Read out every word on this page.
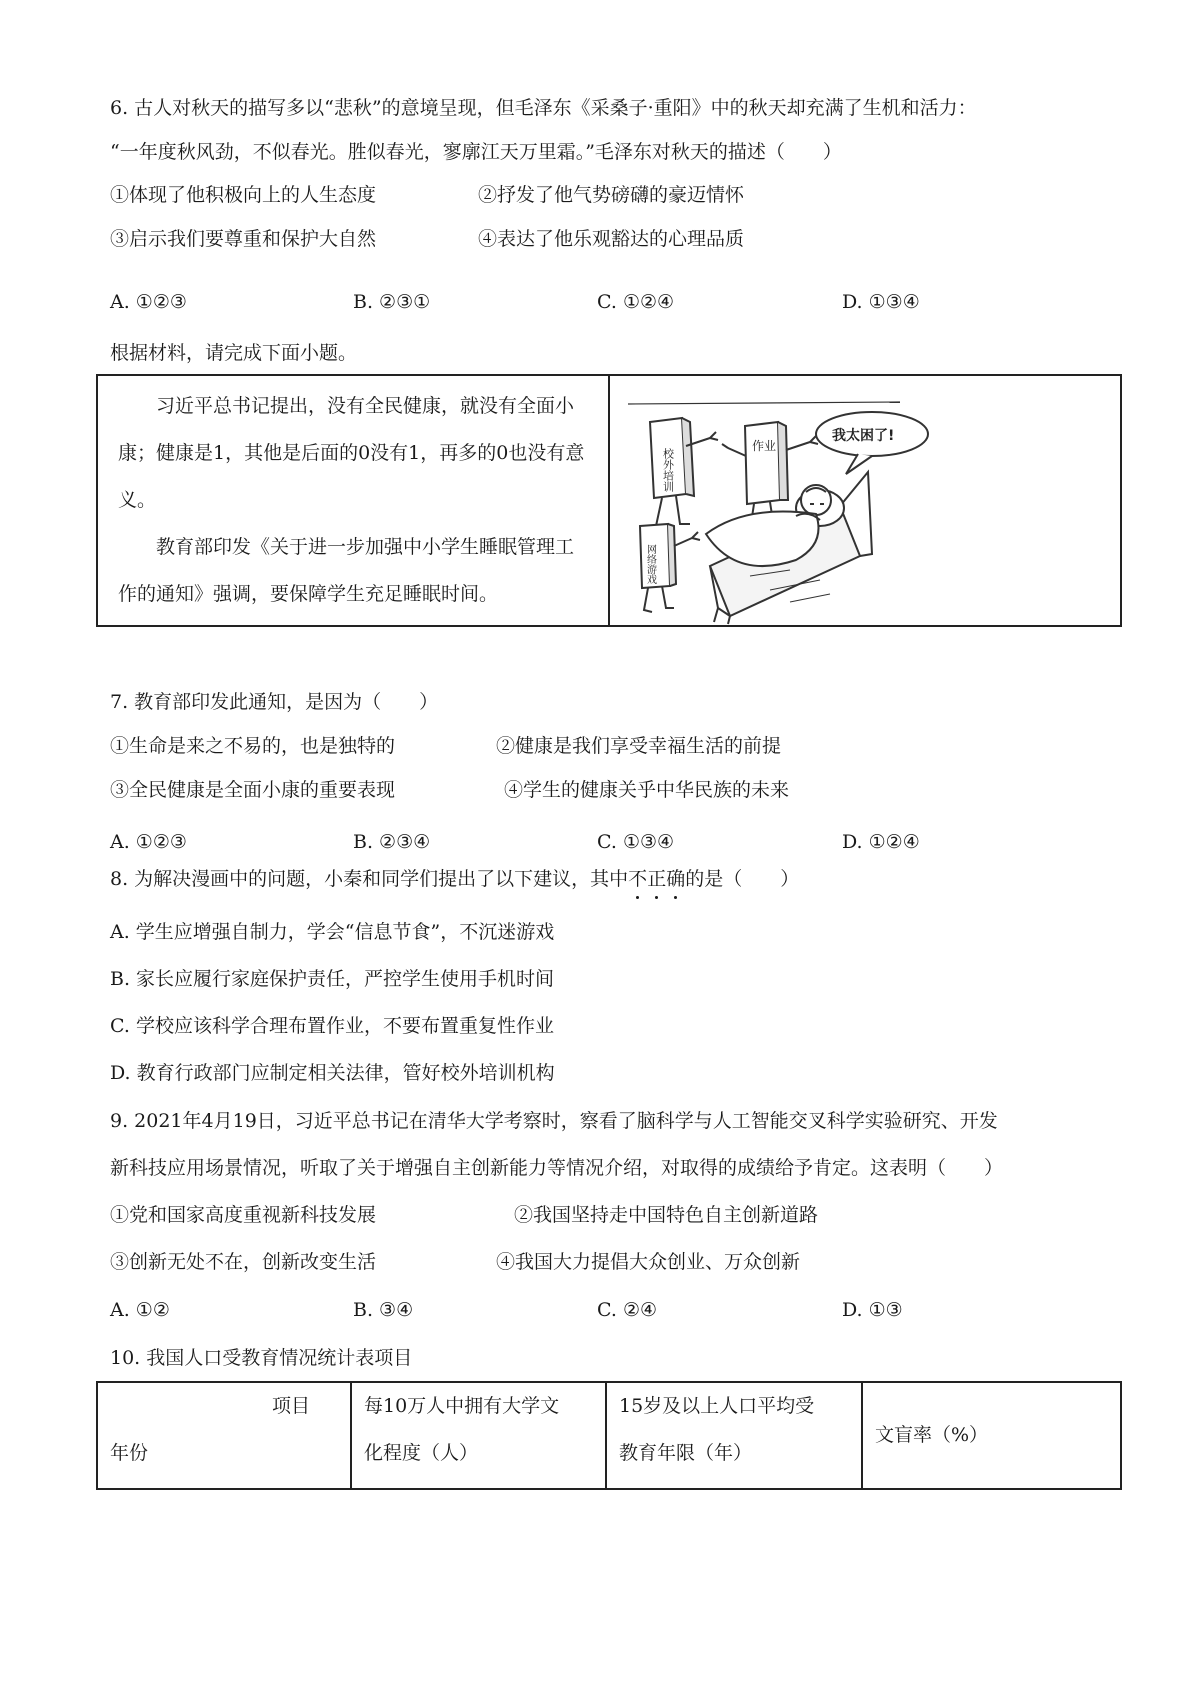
6. 古人对秋天的描写多以“悲秋”的意境呈现，但毛泽东《采桑子·重阳》中的秋天却充满了生机和活力：
“一年度秋风劲，不似春光。胜似春光，寥廓江天万里霜。”毛泽东对秋天的描述（　　）
①体现了他积极向上的人生态度	②抒发了他气势磅礴的豪迈情怀
③启示我们要尊重和保护大自然	④表达了他乐观豁达的心理品质
A. ①②③	B. ②③①	C. ①②④	D. ①③④
根据材料，请完成下面小题。

习近平总书记提出，没有全民健康，就没有全面小康；健康是1，其他是后面的0没有1，再多的0也没有意义。

教育部印发《关于进一步加强中小学生睡眠管理工作的通知》强调，要保障学生充足睡眠时间。

校外培训
作业
网络游戏
我太困了!
7. 教育部印发此通知，是因为（　　）
①生命是来之不易的，也是独特的	②健康是我们享受幸福生活的前提
③全民健康是全面小康的重要表现	④学生的健康关乎中华民族的未来
A. ①②③	B. ②③④	C. ①③④	D. ①②④
8. 为解决漫画中的问题，小秦和同学们提出了以下建议，其中不正确的是（　　）
A. 学生应增强自制力，学会“信息节食”，不沉迷游戏
B. 家长应履行家庭保护责任，严控学生使用手机时间
C. 学校应该科学合理布置作业，不要布置重复性作业
D. 教育行政部门应制定相关法律，管好校外培训机构
9. 2021年4月19日，习近平总书记在清华大学考察时，察看了脑科学与人工智能交叉科学实验研究、开发
新科技应用场景情况，听取了关于增强自主创新能力等情况介绍，对取得的成绩给予肯定。这表明（　　）
①党和国家高度重视新科技发展	②我国坚持走中国特色自主创新道路
③创新无处不在，创新改变生活	④我国大力提倡大众创业、万众创新
A. ①②	B. ③④	C. ②④	D. ①③
10. 我国人口受教育情况统计表项目
项目
年份

每10万人中拥有大学文
化程度（人）

15岁及以上人口平均受
教育年限（年）

文盲率（%）
